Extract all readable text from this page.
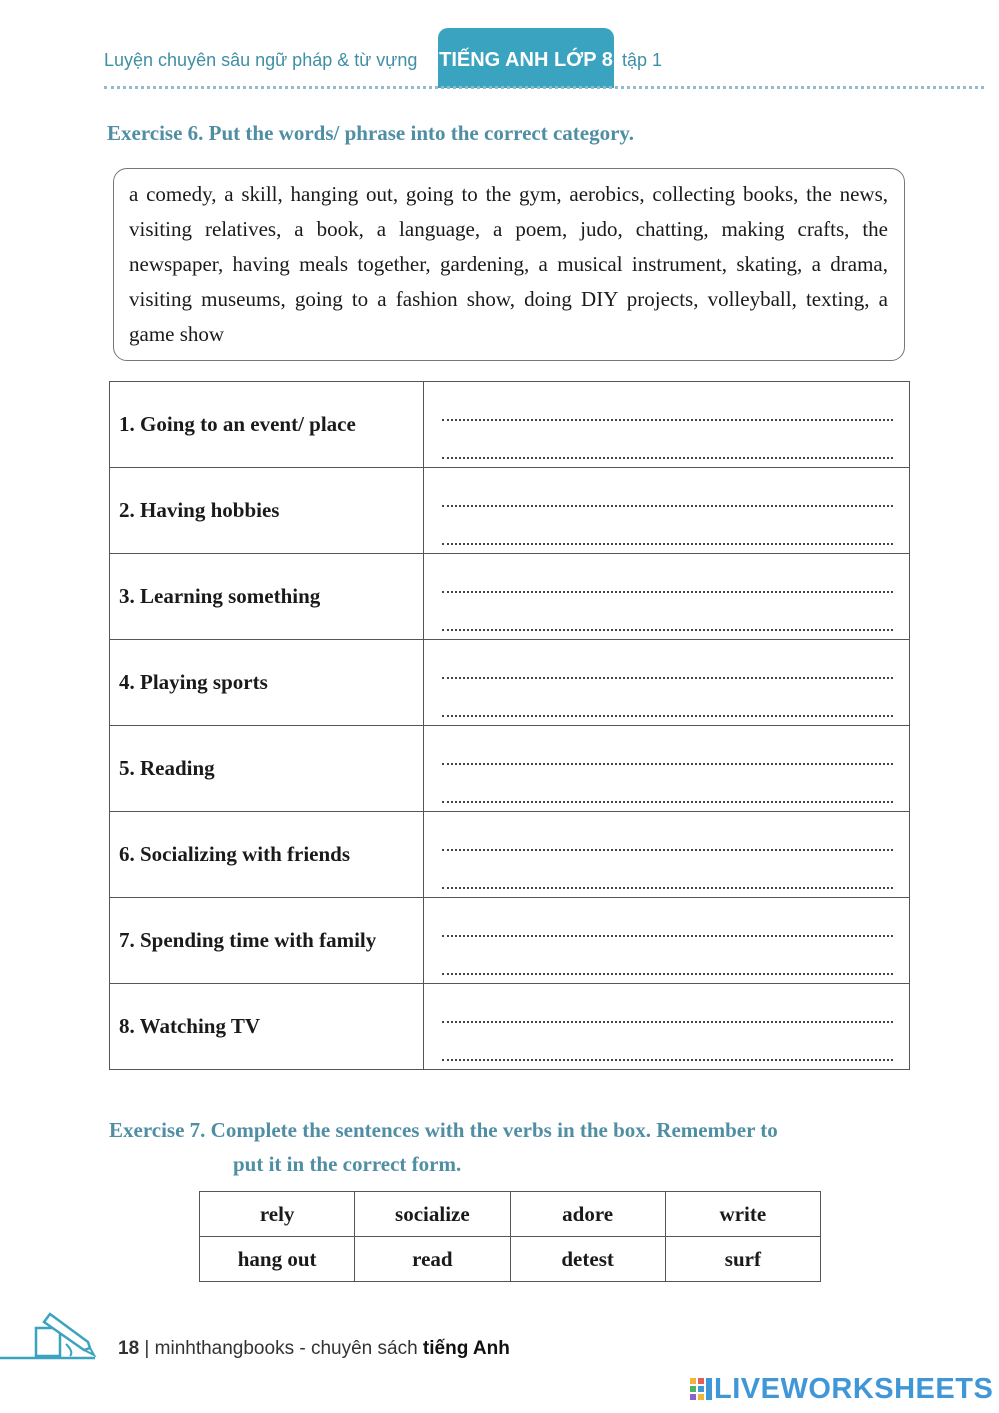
Luyện chuyên sâu ngữ pháp & từ vựng TIẾNG ANH LỚP 8 tập 1
Exercise 6. Put the words/ phrase into the correct category.
a comedy, a skill, hanging out, going to the gym, aerobics, collecting books, the news, visiting relatives, a book, a language, a poem, judo, chatting, making crafts, the newspaper, having meals together, gardening, a musical instrument, skating, a drama, visiting museums, going to a fashion show, doing DIY projects, volleyball, texting, a game show
1. Going to an event/ place	

2. Having hobbies	

3. Learning something	

4. Playing sports	

5. Reading	

6. Socializing with friends	

7. Spending time with family	

8. Watching TV	
Exercise 7. Complete the sentences with the verbs in the box. Remember to
put it in the correct form.
rely	socialize	adore	write
hang out	read	detest	surf
18 | minhthangbooks - chuyên sách tiếng Anh
LIVEWORKSHEETS
